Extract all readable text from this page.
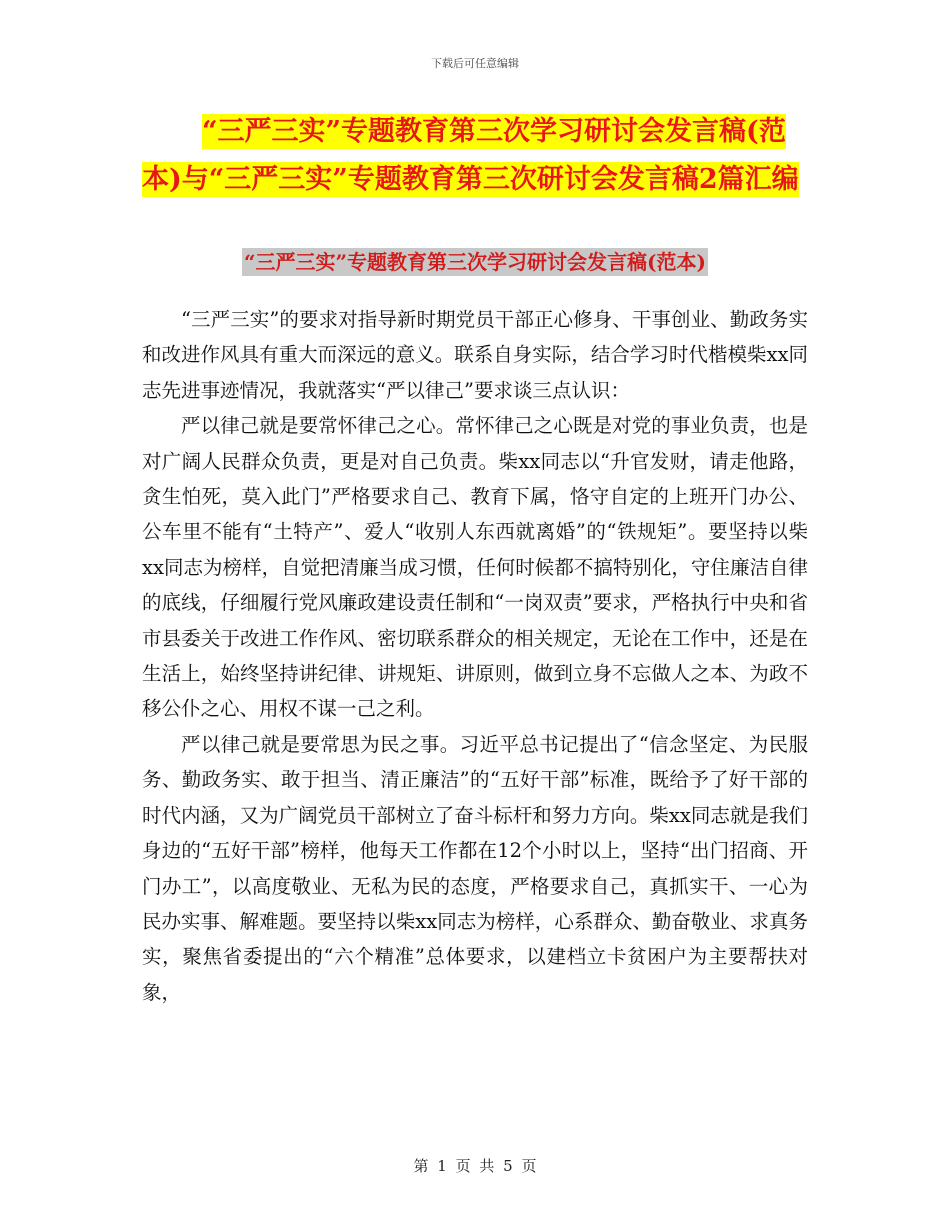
下载后可任意编辑
“三严三实”专题教育第三次学习研讨会发言稿(范
本)与“三严三实”专题教育第三次研讨会发言稿2篇汇编
“三严三实”专题教育第三次学习研讨会发言稿(范本)

“三严三实”的要求对指导新时期党员干部正心修身、干事创业、勤政务实和改进作风具有重大而深远的意义。联系自身实际，结合学习时代楷模柴xx同志先进事迹情况，我就落实“严以律己”要求谈三点认识：

严以律己就是要常怀律己之心。常怀律己之心既是对党的事业负责，也是对广阔人民群众负责，更是对自己负责。柴xx同志以“升官发财，请走他路，贪生怕死，莫入此门”严格要求自己、教育下属，恪守自定的上班开门办公、公车里不能有“土特产”、爱人“收别人东西就离婚”的“铁规矩”。要坚持以柴xx同志为榜样，自觉把清廉当成习惯，任何时候都不搞特别化，守住廉洁自律的底线，仔细履行党风廉政建设责任制和“一岗双责”要求，严格执行中央和省市县委关于改进工作作风、密切联系群众的相关规定，无论在工作中，还是在生活上，始终坚持讲纪律、讲规矩、讲原则，做到立身不忘做人之本、为政不移公仆之心、用权不谋一己之利。

严以律己就是要常思为民之事。习近平总书记提出了“信念坚定、为民服务、勤政务实、敢于担当、清正廉洁”的“五好干部”标准，既给予了好干部的时代内涵，又为广阔党员干部树立了奋斗标杆和努力方向。柴xx同志就是我们身边的“五好干部”榜样，他每天工作都在12个小时以上，坚持“出门招商、开门办工”，以高度敬业、无私为民的态度，严格要求自己，真抓实干、一心为民办实事、解难题。要坚持以柴xx同志为榜样，心系群众、勤奋敬业、求真务实，聚焦省委提出的“六个精准”总体要求，以建档立卡贫困户为主要帮扶对象，

第 1 页 共 5 页
